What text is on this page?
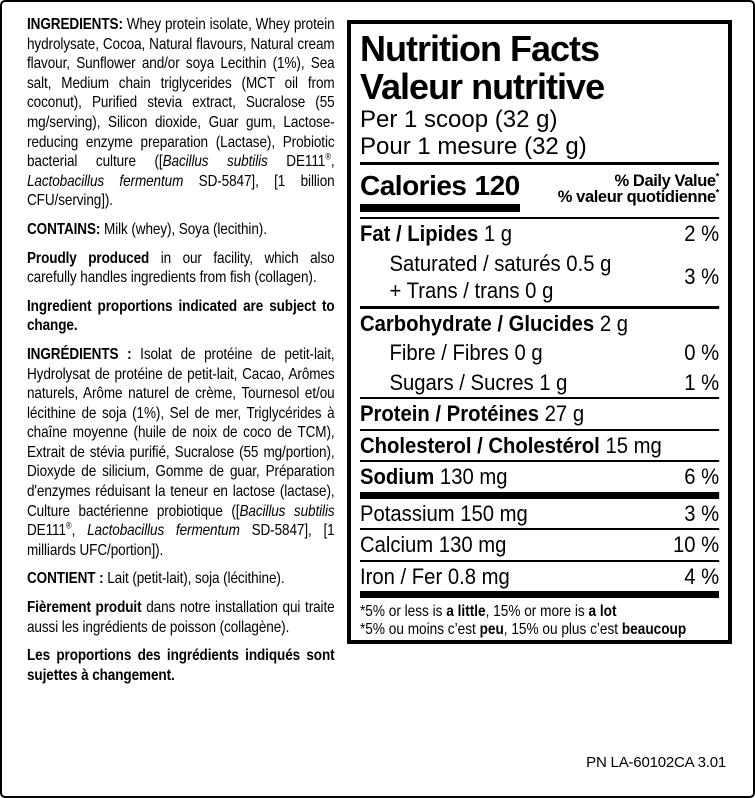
INGREDIENTS: Whey protein isolate, Whey protein hydrolysate, Cocoa, Natural flavours, Natural cream flavour, Sunflower and/or soya Lecithin (1%), Sea salt, Medium chain triglycerides (MCT oil from coconut), Purified stevia extract, Sucralose (55 mg/serving), Silicon dioxide, Guar gum, Lactose-reducing enzyme preparation (Lactase), Probiotic bacterial culture ([Bacillus subtilis DE111®, Lactobacillus fermentum SD-5847], [1 billion CFU/serving]).

CONTAINS: Milk (whey), Soya (lecithin).

Proudly produced in our facility, which also carefully handles ingredients from fish (collagen).

Ingredient proportions indicated are subject to change.

INGRÉDIENTS : Isolat de protéine de petit-lait, Hydrolysat de protéine de petit-lait, Cacao, Arômes naturels, Arôme naturel de crème, Tournesol et/ou lécithine de soja (1%), Sel de mer, Triglycérides à chaîne moyenne (huile de noix de coco de TCM), Extrait de stévia purifié, Sucralose (55 mg/portion), Dioxyde de silicium, Gomme de guar, Préparation d'enzymes réduisant la teneur en lactose (lactase), Culture bactérienne probiotique ([Bacillus subtilis DE111®, Lactobacillus fermentum SD-5847], [1 milliards UFC/portion]).

CONTIENT : Lait (petit-lait), soja (lécithine).

Fièrement produit dans notre installation qui traite aussi les ingrédients de poisson (collagène).

Les proportions des ingrédients indiqués sont sujettes à changement.

Nutrition Facts
Valeur nutritive
Per 1 scoop (32 g)
Pour 1 mesure (32 g)
Calories 120	% Daily Value*
% valeur quotidienne*
Fat / Lipides 1 g	2 %
Saturated / saturés 0.5 g
+ Trans / trans 0 g
3 %
Carbohydrate / Glucides 2 g
Fibre / Fibres 0 g	0 %
Sugars / Sucres 1 g	1 %
Protein / Protéines 27 g
Cholesterol / Cholestérol 15 mg
Sodium 130 mg	6 %
Potassium 150 mg	3 %
Calcium 130 mg	10 %
Iron / Fer 0.8 mg	4 %
*5% or less is a little, 15% or more is a lot
*5% ou moins c’est peu, 15% ou plus c’est beaucoup
PN LA-60102CA 3.01
